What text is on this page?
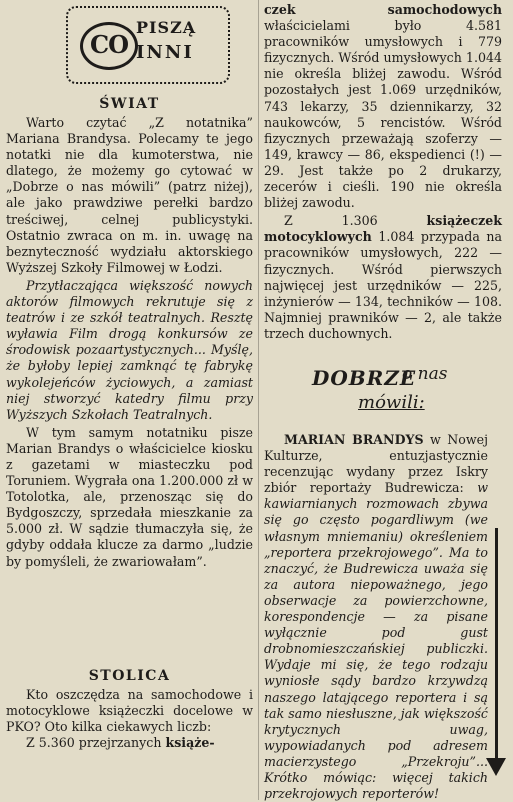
CO
PISZĄ
INNI
ŚWIAT

Warto czytać „Z notatnika” Mariana Brandysa. Polecamy te jego notatki nie dla kumoterstwa, nie dlatego, że możemy go cytować w „Dobrze o nas mówili” (patrz niżej), ale jako prawdziwe perełki bardzo treściwej, celnej publicystyki. Ostatnio zwraca on m. in. uwagę na beznyteczność wydziału aktorskiego Wyższej Szkoły Filmowej w Łodzi.

Przytłaczająca większość nowych aktorów filmowych rekrutuje się z teatrów i ze szkół teatralnych. Resztę wyławia Film drogą konkursów ze środowisk pozaartystycznych... Myślę, że byłoby lepiej zamknąć tę fabrykę wykolejeńców życiowych, a zamiast niej stworzyć katedry filmu przy Wyższych Szkołach Teatralnych.

W tym samym notatniku pisze Marian Brandys o właścicielce kiosku z gazetami w miasteczku pod Toruniem. Wygrała ona 1.200.000 zł w Totolotka, ale, przenosząc się do Bydgoszczy, sprzedała mieszkanie za 5.000 zł. W sądzie tłumaczyła się, że gdyby oddała klucze za darmo „ludzie by pomyśleli, że zwariowałam”.

STOLICA

Kto oszczędza na samochodowe i motocyklowe książeczki docelowe w PKO? Oto kilka ciekawych liczb:

Z 5.360 przejrzanych książe-

czek samochodowych właścicielami było 4.581 pracowników umysłowych i 779 fizycznych. Wśród umysłowych 1.044 nie określa bliżej zawodu. Wśród pozostałych jest 1.069 urzędników, 743 lekarzy, 35 dziennikarzy, 32 naukowców, 5 rencistów. Wśród fizycznych przeważają szoferzy — 149, krawcy — 86, ekspedienci (!) — 29. Jest także po 2 drukarzy, zecerów i cieśli. 190 nie określa bliżej zawodu.

Z 1.306 książeczek motocyklowych 1.084 przypada na pracowników umysłowych, 222 — fizycznych. Wśród pierwszych najwięcej jest urzędników — 225, inżynierów — 134, techników — 108. Najmniej prawników — 2, ale także trzech duchownych.

DOBRZE
o nas
mówili:

MARIAN BRANDYS w Nowej Kulturze, entuzjastycznie recenzując wydany przez Iskry zbiór reportaży Budrewicza: w kawiarnianych rozmowach zbywa się go często pogardliwym (we własnym mniemaniu) określeniem „reportera przekrojowego”. Ma to znaczyć, że Budrewicza uważa się za autora niepoważnego, jego obserwacje za powierzchowne, korespondencje — za pisane wyłącznie pod gust drobnomieszczańskiej publiczki. Wydaje mi się, że tego rodzaju wyniosłe sądy bardzo krzywdzą naszego latającego reportera i są tak samo niesłuszne, jak większość krytycznych uwag, wypowiadanych pod adresem macierzystego „Przekroju”... Krótko mówiąc: więcej takich przekrojowych reporterów!
